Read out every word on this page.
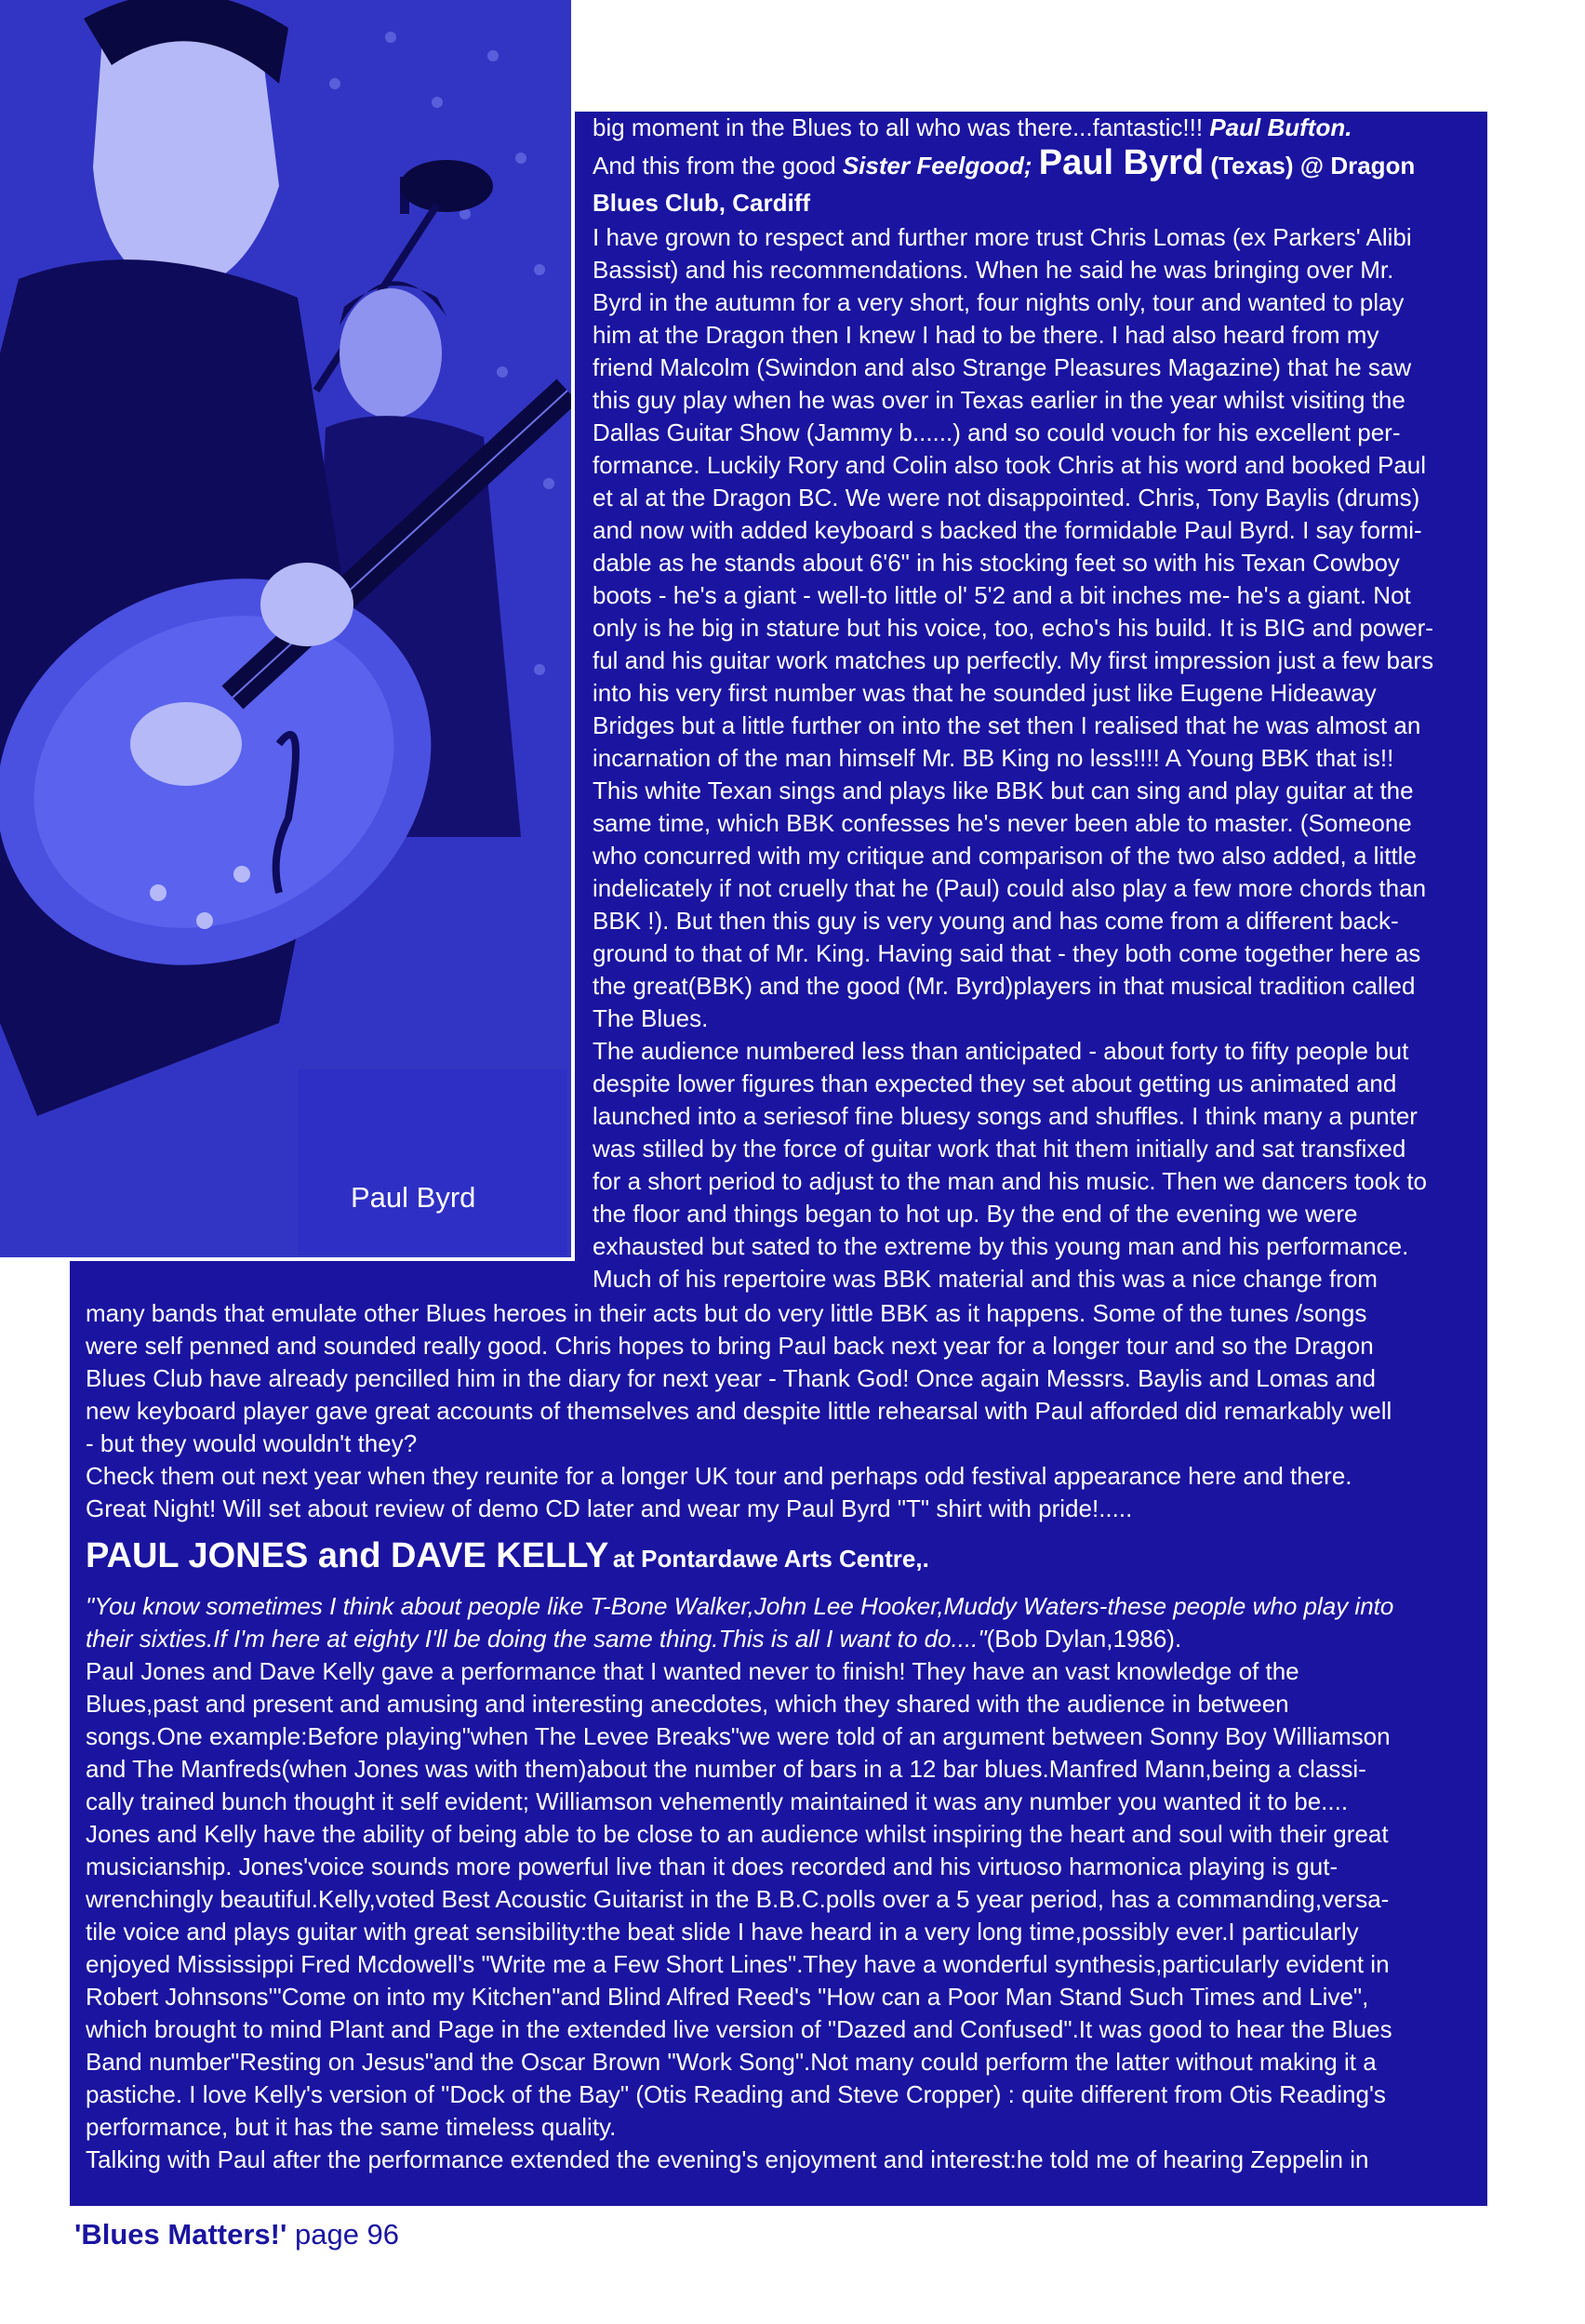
Paul Byrd
big moment in the Blues to all who was there...fantastic!!! Paul Bufton.
And this from the good Sister Feelgood; Paul Byrd (Texas) @ Dragon Blues Club, Cardiff
I have grown to respect and further more trust Chris Lomas (ex Parkers' Alibi
Bassist) and his recommendations. When he said he was bringing over Mr.
Byrd in the autumn for a very short, four nights only, tour and wanted to play
him at the Dragon then I knew I had to be there. I had also heard from my
friend Malcolm (Swindon and also Strange Pleasures Magazine) that he saw
this guy play when he was over in Texas earlier in the year whilst visiting the
Dallas Guitar Show (Jammy b......) and so could vouch for his excellent per-
formance. Luckily Rory and Colin also took Chris at his word and booked Paul
et al at the Dragon BC. We were not disappointed. Chris, Tony Baylis (drums)
and now with added keyboard s backed the formidable Paul Byrd. I say formi-
dable as he stands about 6'6" in his stocking feet so with his Texan Cowboy
boots - he's a giant - well-to little ol' 5'2 and a bit inches me- he's a giant. Not
only is he big in stature but his voice, too, echo's his build. It is BIG and power-
ful and his guitar work matches up perfectly. My first impression just a few bars
into his very first number was that he sounded just like Eugene Hideaway
Bridges but a little further on into the set then I realised that he was almost an
incarnation of the man himself Mr. BB King no less!!!! A Young BBK that is!!
This white Texan sings and plays like BBK but can sing and play guitar at the
same time, which BBK confesses he's never been able to master. (Someone
who concurred with my critique and comparison of the two also added, a little
indelicately if not cruelly that he (Paul) could also play a few more chords than
BBK !). But then this guy is very young and has come from a different back-
ground to that of Mr. King. Having said that - they both come together here as
the great(BBK) and the good (Mr. Byrd)players in that musical tradition called
The Blues.
The audience numbered less than anticipated - about forty to fifty people but
despite lower figures than expected they set about getting us animated and
launched into a seriesof fine bluesy songs and shuffles. I think many a punter
was stilled by the force of guitar work that hit them initially and sat transfixed
for a short period to adjust to the man and his music. Then we dancers took to
the floor and things began to hot up. By the end of the evening we were
exhausted but sated to the extreme by this young man and his performance.
Much of his repertoire was BBK material and this was a nice change from
many bands that emulate other Blues heroes in their acts but do very little BBK as it happens. Some of the tunes /songs
were self penned and sounded really good. Chris hopes to bring Paul back next year for a longer tour and so the Dragon
Blues Club have already pencilled him in the diary for next year - Thank God! Once again Messrs. Baylis and Lomas and
new keyboard player gave great accounts of themselves and despite little rehearsal with Paul afforded did remarkably well
- but they would wouldn't they?
Check them out next year when they reunite for a longer UK tour and perhaps odd festival appearance here and there.
Great Night! Will set about review of demo CD later and wear my Paul Byrd "T" shirt with pride!.....
PAUL JONES and DAVE KELLY at Pontardawe Arts Centre,.
"You know sometimes I think about people like T-Bone Walker,John Lee Hooker,Muddy Waters-these people who play into
their sixties.If I'm here at eighty I'll be doing the same thing.This is all I want to do...."(Bob Dylan,1986).
Paul Jones and Dave Kelly gave a performance that I wanted never to finish! They have an vast knowledge of the
Blues,past and present and amusing and interesting anecdotes, which they shared with the audience in between
songs.One example:Before playing"when The Levee Breaks"we were told of an argument between Sonny Boy Williamson
and The Manfreds(when Jones was with them)about the number of bars in a 12 bar blues.Manfred Mann,being a classi-
cally trained bunch thought it self evident; Williamson vehemently maintained it was any number you wanted it to be....
Jones and Kelly have the ability of being able to be close to an audience whilst inspiring the heart and soul with their great
musicianship. Jones'voice sounds more powerful live than it does recorded and his virtuoso harmonica playing is gut-
wrenchingly beautiful.Kelly,voted Best Acoustic Guitarist in the B.B.C.polls over a 5 year period, has a commanding,versa-
tile voice and plays guitar with great sensibility:the beat slide I have heard in a very long time,possibly ever.I particularly
enjoyed Mississippi Fred Mcdowell's "Write me a Few Short Lines".They have a wonderful synthesis,particularly evident in
Robert Johnsons'"Come on into my Kitchen"and Blind Alfred Reed's "How can a Poor Man Stand Such Times and Live",
which brought to mind Plant and Page in the extended live version of "Dazed and Confused".It was good to hear the Blues
Band number"Resting on Jesus"and the Oscar Brown "Work Song".Not many could perform the latter without making it a
pastiche. I love Kelly's version of "Dock of the Bay" (Otis Reading and Steve Cropper) : quite different from Otis Reading's
performance, but it has the same timeless quality.
Talking with Paul after the performance extended the evening's enjoyment and interest:he told me of hearing Zeppelin in
'Blues Matters!' page 96
